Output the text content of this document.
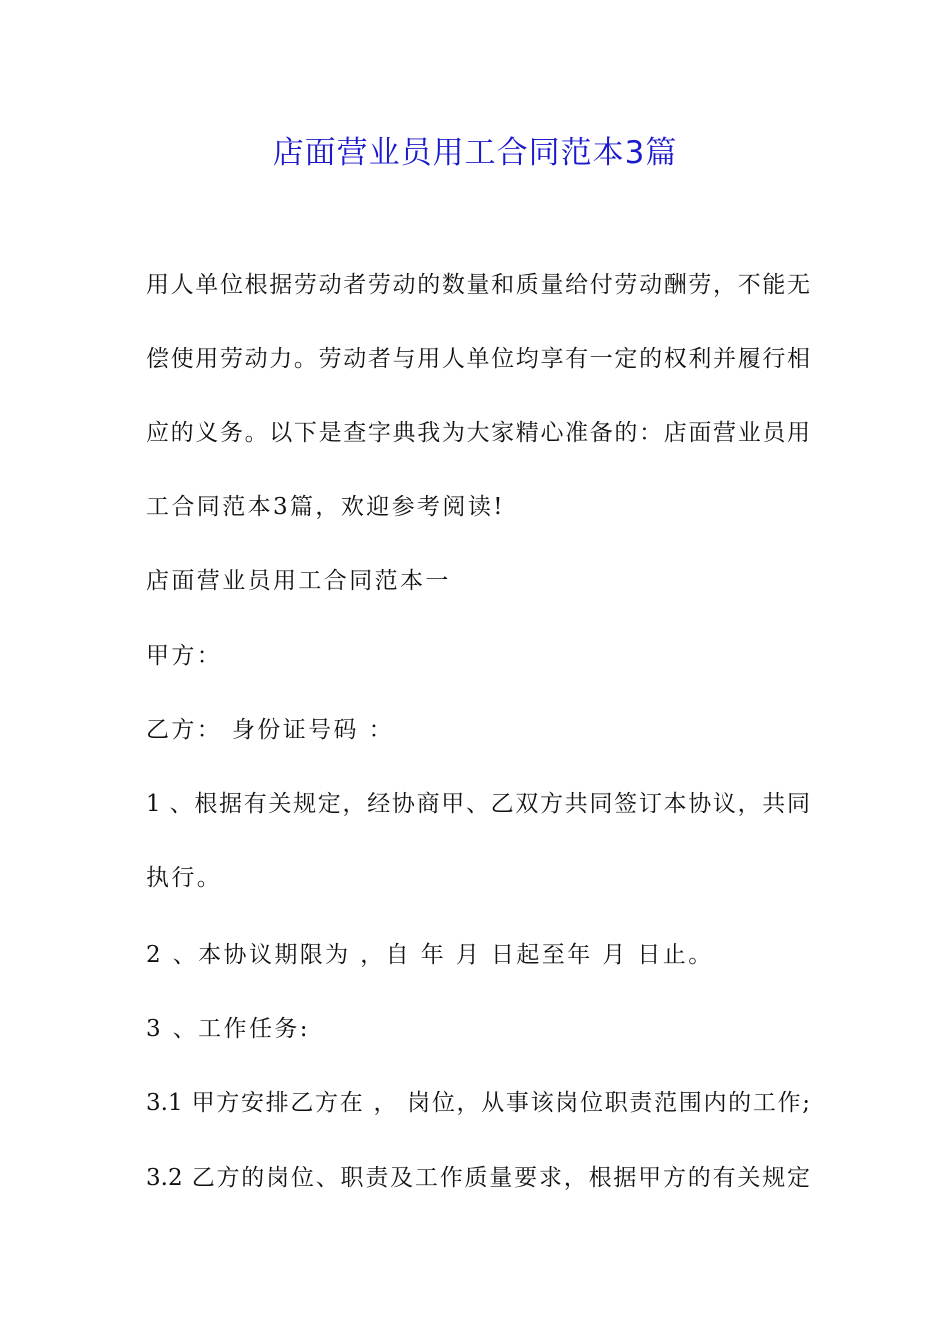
店面营业员用工合同范本3篇
用人单位根据劳动者劳动的数量和质量给付劳动酬劳，不能无
偿使用劳动力。劳动者与用人单位均享有一定的权利并履行相
应的义务。以下是查字典我为大家精心准备的：店面营业员用
工合同范本3篇，欢迎参考阅读!
店面营业员用工合同范本一
甲方：
乙方： 身份证号码 ：
1 、根据有关规定，经协商甲、乙双方共同签订本协议，共同
执行。
2 、本协议期限为 ，自 年 月 日起至年 月 日止。
3 、工作任务:
3.1 甲方安排乙方在 ， 岗位，从事该岗位职责范围内的工作;
3.2 乙方的岗位、职责及工作质量要求，根据甲方的有关规定
